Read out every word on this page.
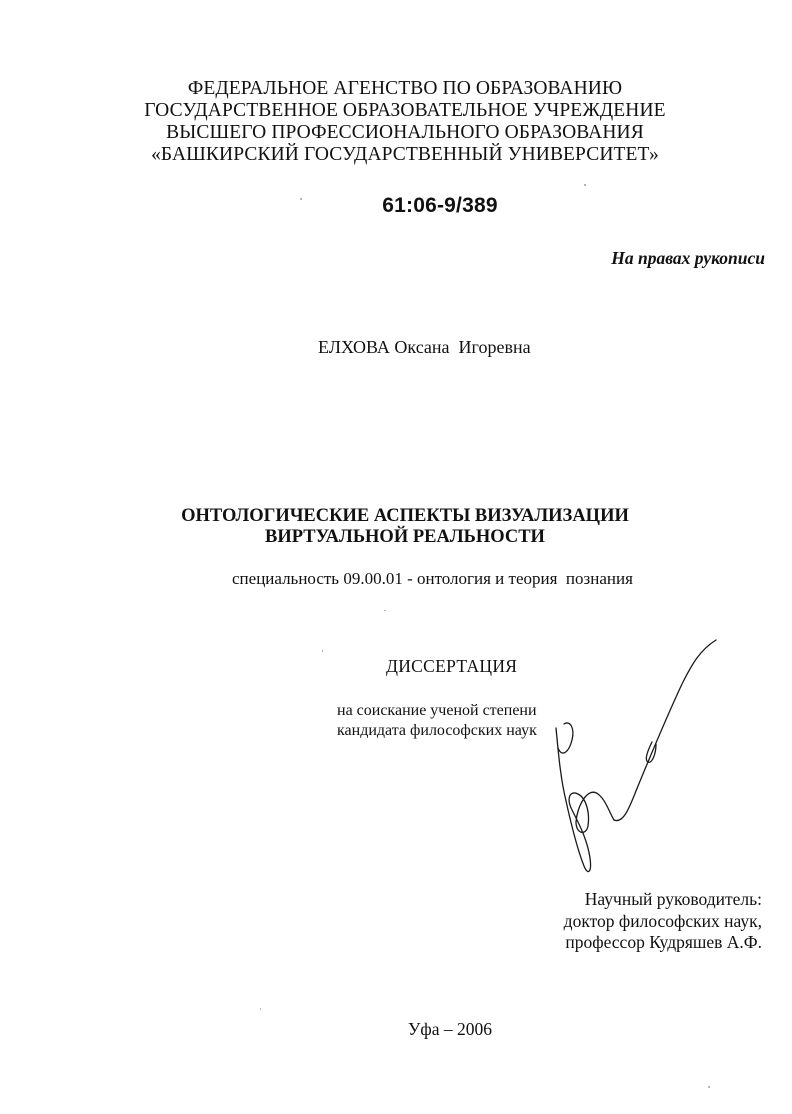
ФЕДЕРАЛЬНОЕ АГЕНСТВО ПО ОБРАЗОВАНИЮ
ГОСУДАРСТВЕННОЕ ОБРАЗОВАТЕЛЬНОЕ УЧРЕЖДЕНИЕ
ВЫСШЕГО ПРОФЕССИОНАЛЬНОГО ОБРАЗОВАНИЯ
«БАШКИРСКИЙ ГОСУДАРСТВЕННЫЙ УНИВЕРСИТЕТ»
61:06-9/389
На правах рукописи
ЕЛХОВА Оксана  Игоревна
ОНТОЛОГИЧЕСКИЕ АСПЕКТЫ ВИЗУАЛИЗАЦИИ
ВИРТУАЛЬНОЙ РЕАЛЬНОСТИ
специальность 09.00.01 - онтология и теория  познания
ДИССЕРТАЦИЯ
на соискание ученой степени
кандидата философских наук
Научный руководитель:
доктор философских наук,
профессор Кудряшев А.Ф.
Уфа – 2006
